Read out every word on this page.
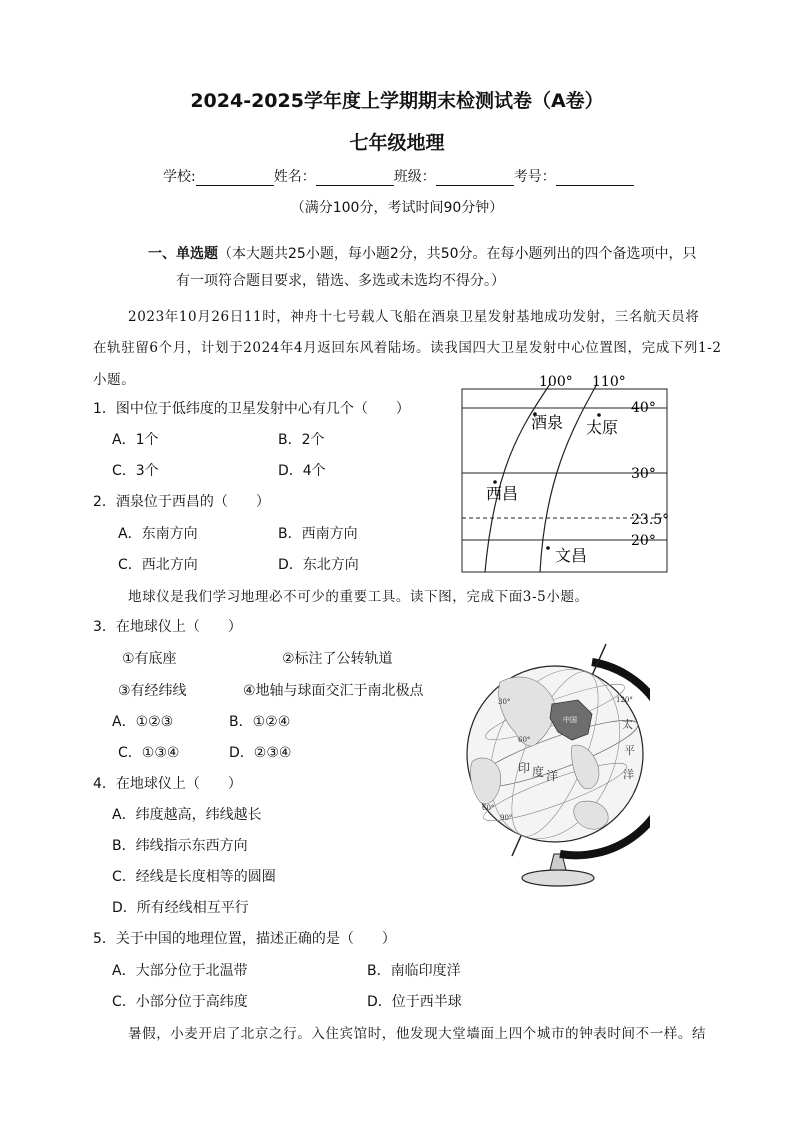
2024-2025学年度上学期期末检测试卷（A卷）
七年级地理
学校:	姓名：	班级：	考号：
（满分100分，考试时间90分钟）
一、单选题（本大题共25小题，每小题2分，共50分。在每小题列出的四个备选项中，只
有一项符合题目要求，错选、多选或未选均不得分。）
2023年10月26日11时，神舟十七号载人飞船在酒泉卫星发射基地成功发射，三名航天员将
在轨驻留6个月，计划于2024年4月返回东风着陆场。读我国四大卫星发射中心位置图，完成下列1-2
小题。	100° 110°
40°
30°
23.5°
20°
酒泉 太原
西昌
文昌
1．图中位于低纬度的卫星发射中心有几个（　　）
A．1个	B．2个
C．3个	D．4个
2．酒泉位于西昌的（　　）
A．东南方向	B．西南方向
C．西北方向	D．东北方向
地球仪是我们学习地理必不可少的重要工具。读下图，完成下面3-5小题。
3．在地球仪上（　　）
①有底座	②标注了公转轨道
③有经纬线	④地轴与球面交汇于南北极点
A．①②③	B．①②④
C．①③④	D．②③④
中国
印 度 洋
太
平
洋
60°
30°	120°
90°
60°
4．在地球仪上（　　）
A．纬度越高，纬线越长
B．纬线指示东西方向
C．经线是长度相等的圆圈
D．所有经线相互平行
5．关于中国的地理位置，描述正确的是（　　）
A．大部分位于北温带	B．南临印度洋
C．小部分位于高纬度	D．位于西半球
暑假，小麦开启了北京之行。入住宾馆时，他发现大堂墙面上四个城市的钟表时间不一样。结
